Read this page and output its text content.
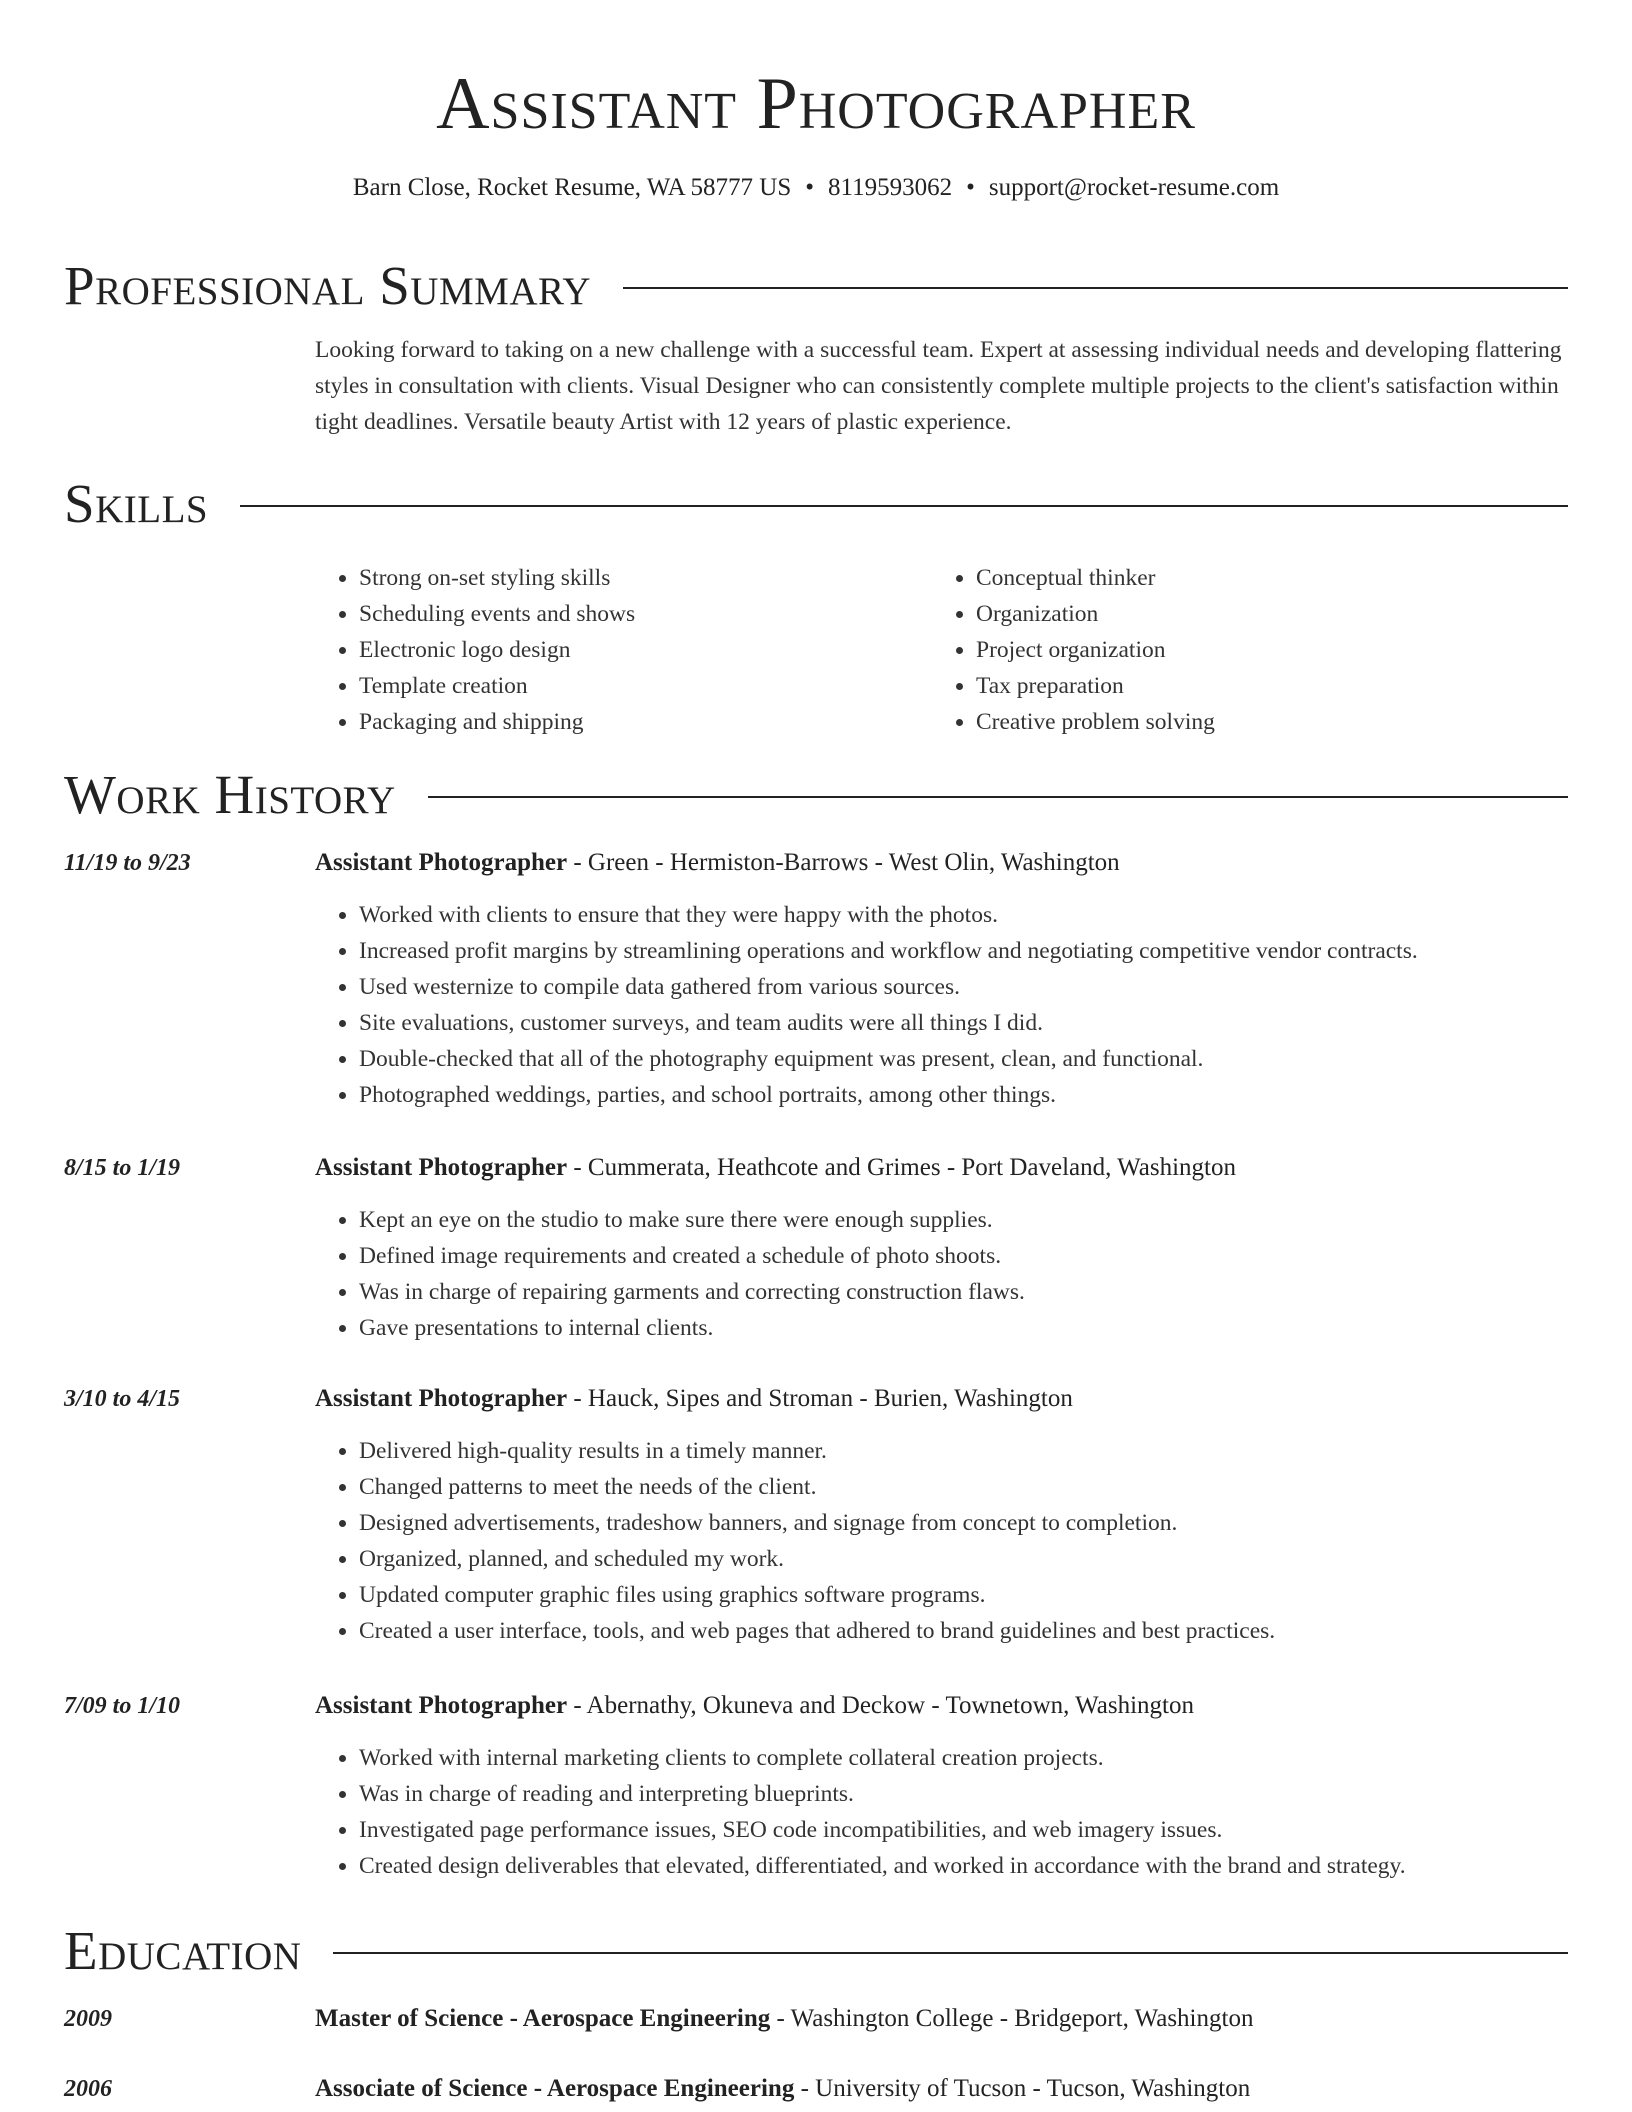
Assistant Photographer
Barn Close, Rocket Resume, WA 58777 US • 8119593062 • support@rocket-resume.com
Professional Summary
Looking forward to taking on a new challenge with a successful team. Expert at assessing individual needs and developing flattering styles in consultation with clients. Visual Designer who can consistently complete multiple projects to the client's satisfaction within tight deadlines. Versatile beauty Artist with 12 years of plastic experience.
Skills
• Strong on-set styling skills
• Scheduling events and shows
• Electronic logo design
• Template creation
• Packaging and shipping
• Conceptual thinker
• Organization
• Project organization
• Tax preparation
• Creative problem solving
Work History
11/19 to 9/23	Assistant Photographer - Green - Hermiston-Barrows - West Olin, Washington
• Worked with clients to ensure that they were happy with the photos.
• Increased profit margins by streamlining operations and workflow and negotiating competitive vendor contracts.
• Used westernize to compile data gathered from various sources.
• Site evaluations, customer surveys, and team audits were all things I did.
• Double-checked that all of the photography equipment was present, clean, and functional.
• Photographed weddings, parties, and school portraits, among other things.
8/15 to 1/19	Assistant Photographer - Cummerata, Heathcote and Grimes - Port Daveland, Washington
• Kept an eye on the studio to make sure there were enough supplies.
• Defined image requirements and created a schedule of photo shoots.
• Was in charge of repairing garments and correcting construction flaws.
• Gave presentations to internal clients.
3/10 to 4/15	Assistant Photographer - Hauck, Sipes and Stroman - Burien, Washington
• Delivered high-quality results in a timely manner.
• Changed patterns to meet the needs of the client.
• Designed advertisements, tradeshow banners, and signage from concept to completion.
• Organized, planned, and scheduled my work.
• Updated computer graphic files using graphics software programs.
• Created a user interface, tools, and web pages that adhered to brand guidelines and best practices.
7/09 to 1/10	Assistant Photographer - Abernathy, Okuneva and Deckow - Townetown, Washington
• Worked with internal marketing clients to complete collateral creation projects.
• Was in charge of reading and interpreting blueprints.
• Investigated page performance issues, SEO code incompatibilities, and web imagery issues.
• Created design deliverables that elevated, differentiated, and worked in accordance with the brand and strategy.
Education
2009	Master of Science - Aerospace Engineering - Washington College - Bridgeport, Washington
2006	Associate of Science - Aerospace Engineering - University of Tucson - Tucson, Washington
